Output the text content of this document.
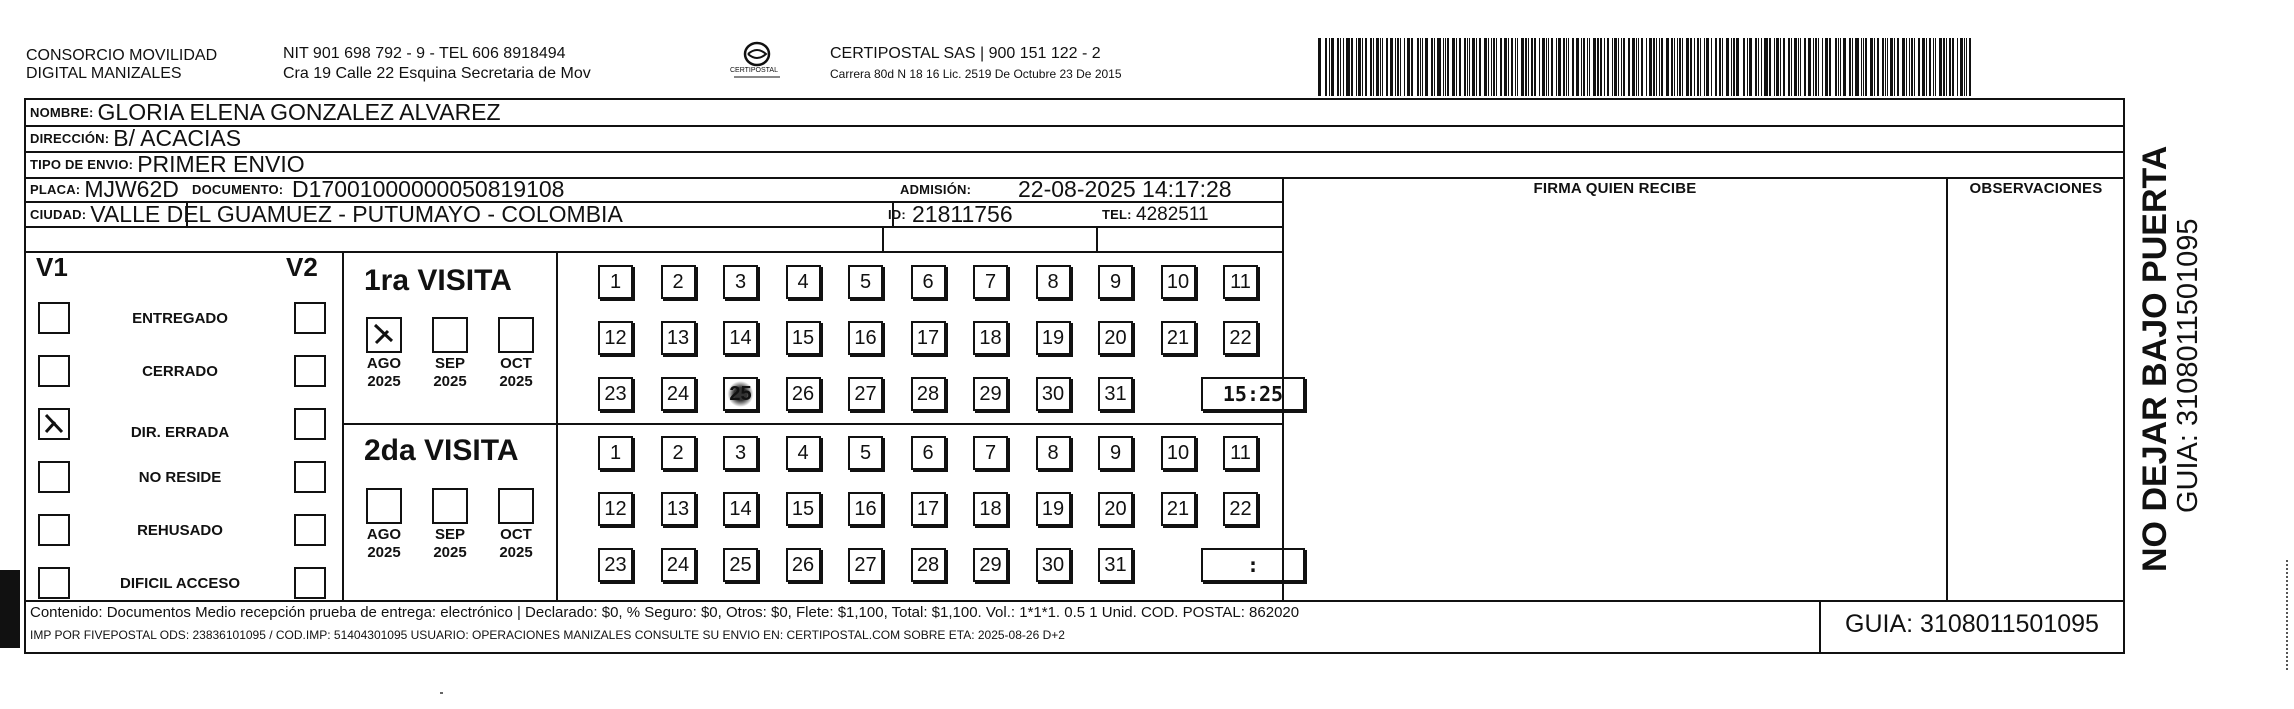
CONSORCIO MOVILIDAD
DIGITAL MANIZALES
NIT 901 698 792 - 9 - TEL 606 8918494
Cra 19 Calle 22 Esquina Secretaria de Mov	CERTIPOSTAL
CERTIPOSTAL SAS | 900 151 122 - 2
Carrera 80d N 18 16 Lic. 2519 De Octubre 23 De 2015
NOMBRE: GLORIA ELENA GONZALEZ ALVAREZ
DIRECCIÓN: B/ ACACIAS
TIPO DE ENVIO: PRIMER ENVIO
PLACA: MJW62D DOCUMENTO: D17001000000050819108	ADMISIÓN: 22-08-2025 14:17:28
CIUDAD: VALLE DEL GUAMUEZ - PUTUMAYO - COLOMBIA	ID: 21811756	TEL: 4282511
FIRMA QUIEN RECIBE	OBSERVACIONES
V1	V2
ENTREGADO
CERRADO
DIR. ERRADA
NO RESIDE
REHUSADO
DIFICIL ACCESO
1ra VISITA
AGO
2025
SEP
2025
OCT
2025
1	2	3	4	5	6	7	8	9	10	11
12	13	14	15	16	17	18	19	20	21	22
23	24	25	26	27	28	29	30	31	15:25
2da VISITA
AGO
2025
SEP
2025
OCT
2025
1	2	3	4	5	6	7	8	9	10	11
12	13	14	15	16	17	18	19	20	21	22
23	24	25	26	27	28	29	30	31	:
Contenido: Documentos Medio recepción prueba de entrega: electrónico | Declarado: $0, % Seguro: $0, Otros: $0, Flete: $1,100, Total: $1,100. Vol.: 1*1*1. 0.5 1 Unid. COD. POSTAL: 862020
IMP POR FIVEPOSTAL ODS: 23836101095 / COD.IMP: 51404301095 USUARIO: OPERACIONES MANIZALES CONSULTE SU ENVIO EN: CERTIPOSTAL.COM SOBRE ETA: 2025-08-26 D+2	GUIA: 3108011501095
NO DEJAR BAJO PUERTA
GUIA: 3108011501095
